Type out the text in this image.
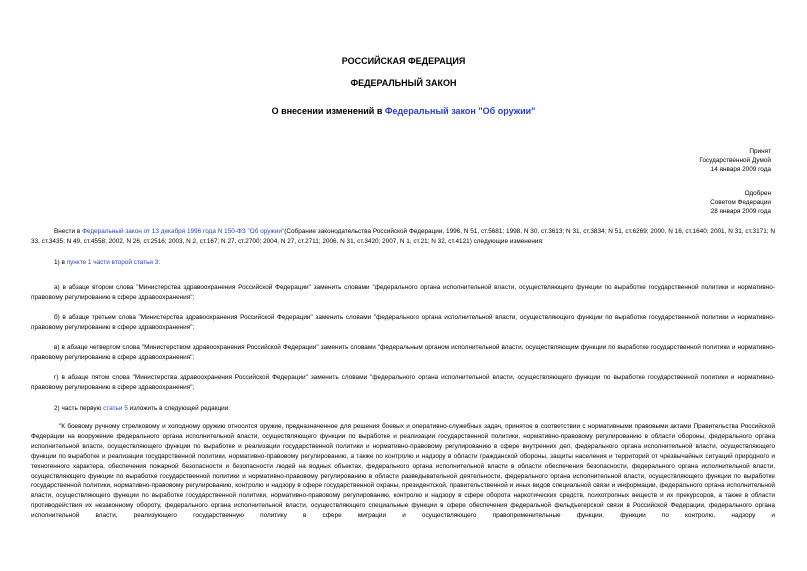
РОССИЙСКАЯ ФЕДЕРАЦИЯ
ФЕДЕРАЛЬНЫЙ ЗАКОН
О внесении изменений в Федеральный закон "Об оружии"
Принят
Государственной Думой
14 января 2009 года
Одобрен
Советом Федерации
28 января 2009 года
Внести в Федеральный закон от 13 декабря 1996 года N 150-ФЗ "Об оружии"(Собрание законодательства Российской Федерации, 1996, N 51, ст.5681; 1998, N 30, ст.3613; N 31, ст.3834; N 51, ст.6269; 2000, N 16, ст.1640; 2001, N 31, ст.3171; N 33, ст.3435; N 49, ст.4558; 2002, N 26, ст.2516; 2003, N 2, ст.167; N 27, ст.2700; 2004, N 27, ст.2711; 2006, N 31, ст.3420; 2007, N 1, ст.21; N 32, ст.4121) следующие изменения:
1) в пункте 1 части второй статьи 3:
а) в абзаце втором слова "Министерства здравоохранения Российской Федерации" заменить словами "федерального органа исполнительной власти, осуществляющего функции по выработке государственной политики и нормативно-правовому регулированию в сфере здравоохранения";
б) в абзаце третьем слова "Министерства здравоохранения Российской Федерации" заменить словами "федерального органа исполнительной власти, осуществляющего функции по выработке государственной политики и нормативно-правовому регулированию в сфере здравоохранения";
в) в абзаце четвертом слова "Министерством здравоохранения Российской Федерации" заменить словами "федеральным органом исполнительной власти, осуществляющим функции по выработке государственной политики и нормативно-правовому регулированию в сфере здравоохранения";
г) в абзаце пятом слова "Министерства здравоохранения Российской Федерации" заменить словами "федерального органа исполнительной власти, осуществляющего функции по выработке государственной политики и нормативно-правовому регулированию в сфере здравоохранения";
2) часть первую статьи 5 изложить в следующей редакции:
"К боевому ручному стрелковому и холодному оружию относится оружие, предназначенное для решения боевых и оперативно-служебных задач, принятое в соответствии с нормативными правовыми актами Правительства Российской Федерации на вооружение федерального органа исполнительной власти, осуществляющего функции по выработке и реализации государственной политики, нормативно-правовому регулированию в области обороны, федерального органа исполнительной власти, осуществляющего функции по выработке и реализации государственной политики и нормативно-правовому регулированию в сфере внутренних дел, федерального органа исполнительной власти, осуществляющего функции по выработке и реализации государственной политики, нормативно-правовому регулированию, а также по контролю и надзору в области гражданской обороны, защиты населения и территорий от чрезвычайных ситуаций природного и техногенного характера, обеспечения пожарной безопасности и безопасности людей на водных объектах, федерального органа исполнительной власти в области обеспечения безопасности, федерального органа исполнительной власти, осуществляющего функции по выработке государственной политики и нормативно-правовому регулированию в области разведывательной деятельности, федерального органа исполнительной власти, осуществляющего функции по выработке государственной политики, нормативно-правовому регулированию, контролю и надзору в сфере государственной охраны, президентской, правительственной и иных видов специальной связи и информации, федерального органа исполнительной власти, осуществляющего функции по выработке государственной политики, нормативно-правовому регулированию, контролю и надзору в сфере оборота наркотических средств, психотропных веществ и их прекурсоров, а также в области противодействия их незаконному обороту, федерального органа исполнительной власти, осуществляющего специальные функции в сфере обеспечения федеральной фельдъегерской связи в Российской Федерации, федерального органа исполнительной власти, реализующего государственную политику в сфере миграции и осуществляющего правоприменительные функции, функции по контролю, надзору и
